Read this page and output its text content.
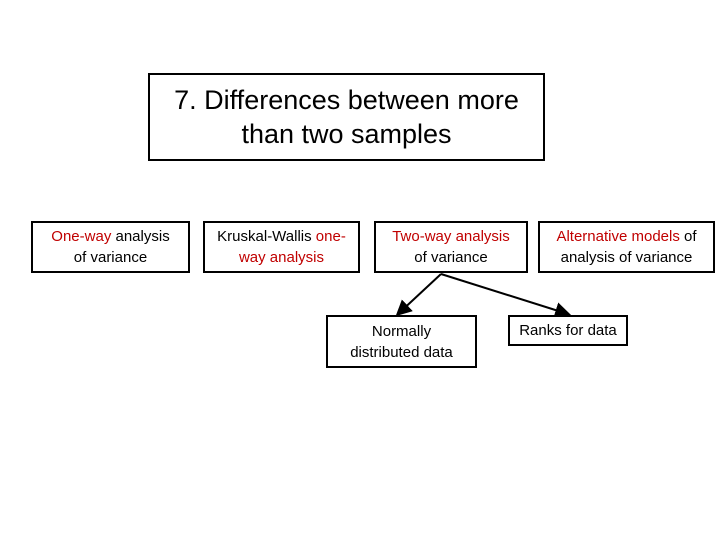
7. Differences between more
than two samples
One-way analysis
of variance
Kruskal-Wallis one-
way analysis
Two-way analysis
of variance
Alternative models of
analysis of variance
Normally
distributed data
Ranks for data
